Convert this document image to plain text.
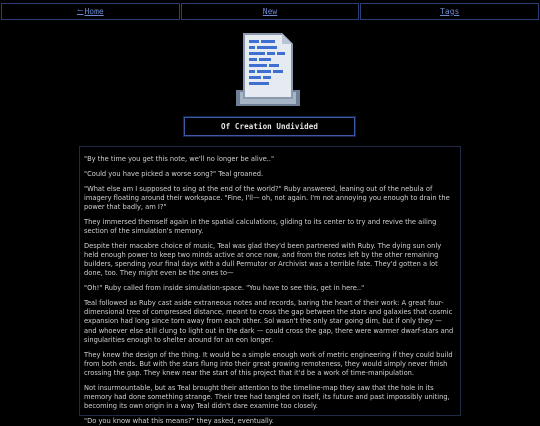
🠀 Home	New	Tags
Of Creation Undivided

"By the time you get this note, we'll no longer be alive.."

"Could you have picked a worse song?" Teal groaned.

"What else am I supposed to sing at the end of the world?" Ruby answered, leaning out of the nebula of imagery floating around their workspace. "Fine, I'll— oh, not again. I'm not annoying you enough to drain the power that badly, am I?"

They immersed themself again in the spatial calculations, gliding to its center to try and revive the ailing section of the simulation's memory.

Despite their macabre choice of music, Teal was glad they'd been partnered with Ruby. The dying sun only held enough power to keep two minds active at once now, and from the notes left by the other remaining builders, spending your final days with a dull Permutor or Archivist was a terrible fate. They'd gotten a lot done, too. They might even be the ones to—

"Oh!" Ruby called from inside simulation-space. "You have to see this, get in here.."

Teal followed as Ruby cast aside extraneous notes and records, baring the heart of their work: A great four-dimensional tree of compressed distance, meant to cross the gap between the stars and galaxies that cosmic expansion had long since torn away from each other. Sol wasn't the only star going dim, but if only they — and whoever else still clung to light out in the dark — could cross the gap, there were warmer dwarf-stars and singularities enough to shelter around for an eon longer.

They knew the design of the thing. It would be a simple enough work of metric engineering if they could build from both ends. But with the stars flung into their great growing remoteness, they would simply never finish crossing the gap. They knew near the start of this project that it'd be a work of time-manipulation.

Not insurmountable, but as Teal brought their attention to the timeline-map they saw that the hole in its memory had done something strange. Their tree had tangled on itself, its future and past impossibly uniting, becoming its own origin in a way Teal didn't dare examine too closely.

"Do you know what this means?" they asked, eventually.
